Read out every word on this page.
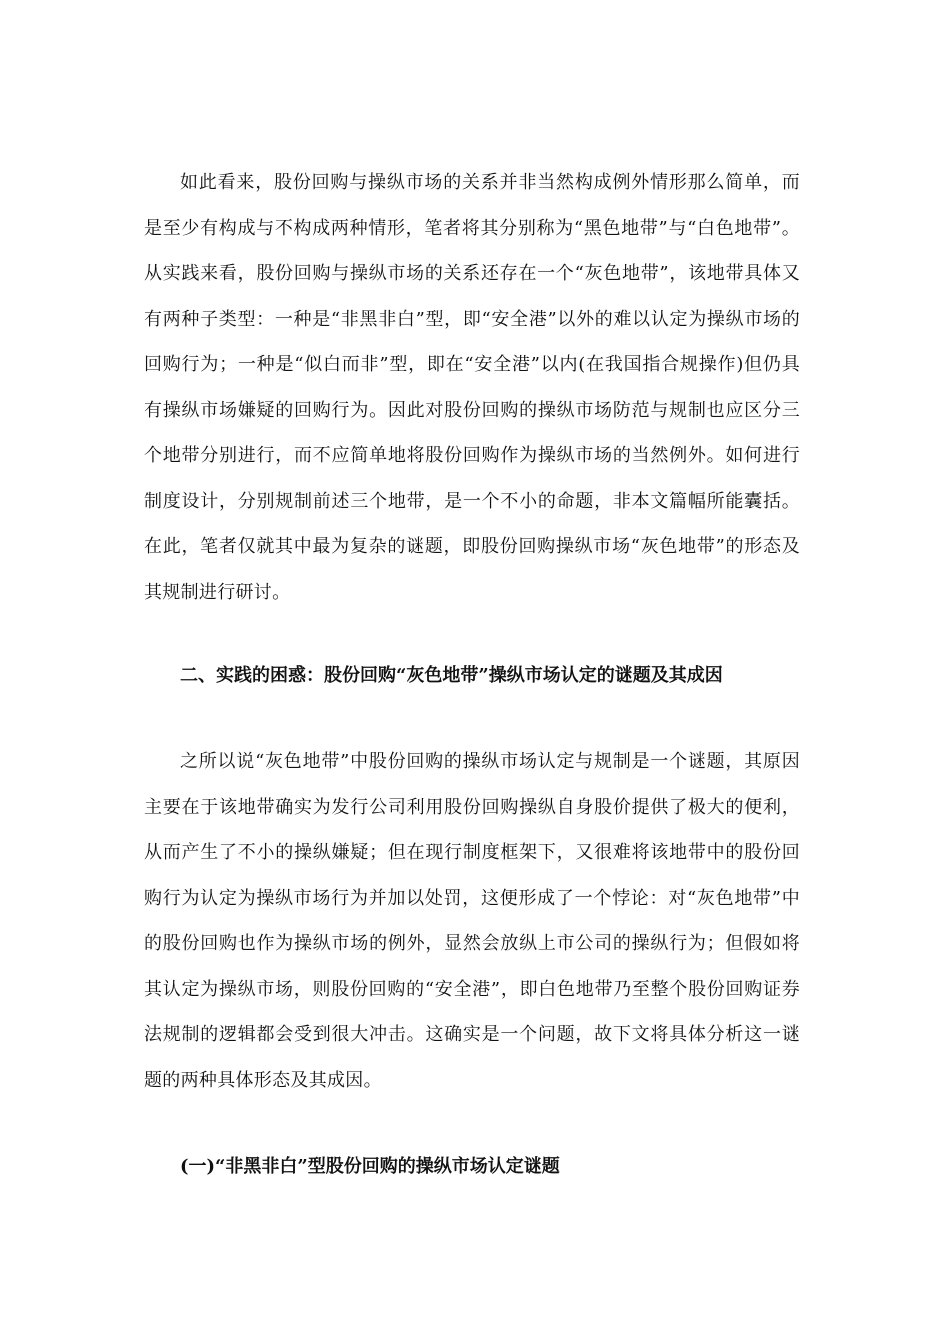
如此看来，股份回购与操纵市场的关系并非当然构成例外情形那么简单，而是至少有构成与不构成两种情形，笔者将其分别称为“黑色地带”与“白色地带”。从实践来看，股份回购与操纵市场的关系还存在一个“灰色地带”，该地带具体又有两种子类型：一种是“非黑非白”型，即“安全港”以外的难以认定为操纵市场的回购行为；一种是“似白而非”型，即在“安全港”以内(在我国指合规操作)但仍具有操纵市场嫌疑的回购行为。因此对股份回购的操纵市场防范与规制也应区分三个地带分别进行，而不应简单地将股份回购作为操纵市场的当然例外。如何进行制度设计，分别规制前述三个地带，是一个不小的命题，非本文篇幅所能囊括。在此，笔者仅就其中最为复杂的谜题，即股份回购操纵市场“灰色地带”的形态及其规制进行研讨。

二、实践的困惑：股份回购“灰色地带”操纵市场认定的谜题及其成因

之所以说“灰色地带”中股份回购的操纵市场认定与规制是一个谜题，其原因主要在于该地带确实为发行公司利用股份回购操纵自身股价提供了极大的便利，从而产生了不小的操纵嫌疑；但在现行制度框架下，又很难将该地带中的股份回购行为认定为操纵市场行为并加以处罚，这便形成了一个悖论：对“灰色地带”中的股份回购也作为操纵市场的例外，显然会放纵上市公司的操纵行为；但假如将其认定为操纵市场，则股份回购的“安全港”，即白色地带乃至整个股份回购证券法规制的逻辑都会受到很大冲击。这确实是一个问题，故下文将具体分析这一谜题的两种具体形态及其成因。

(一)“非黑非白”型股份回购的操纵市场认定谜题
